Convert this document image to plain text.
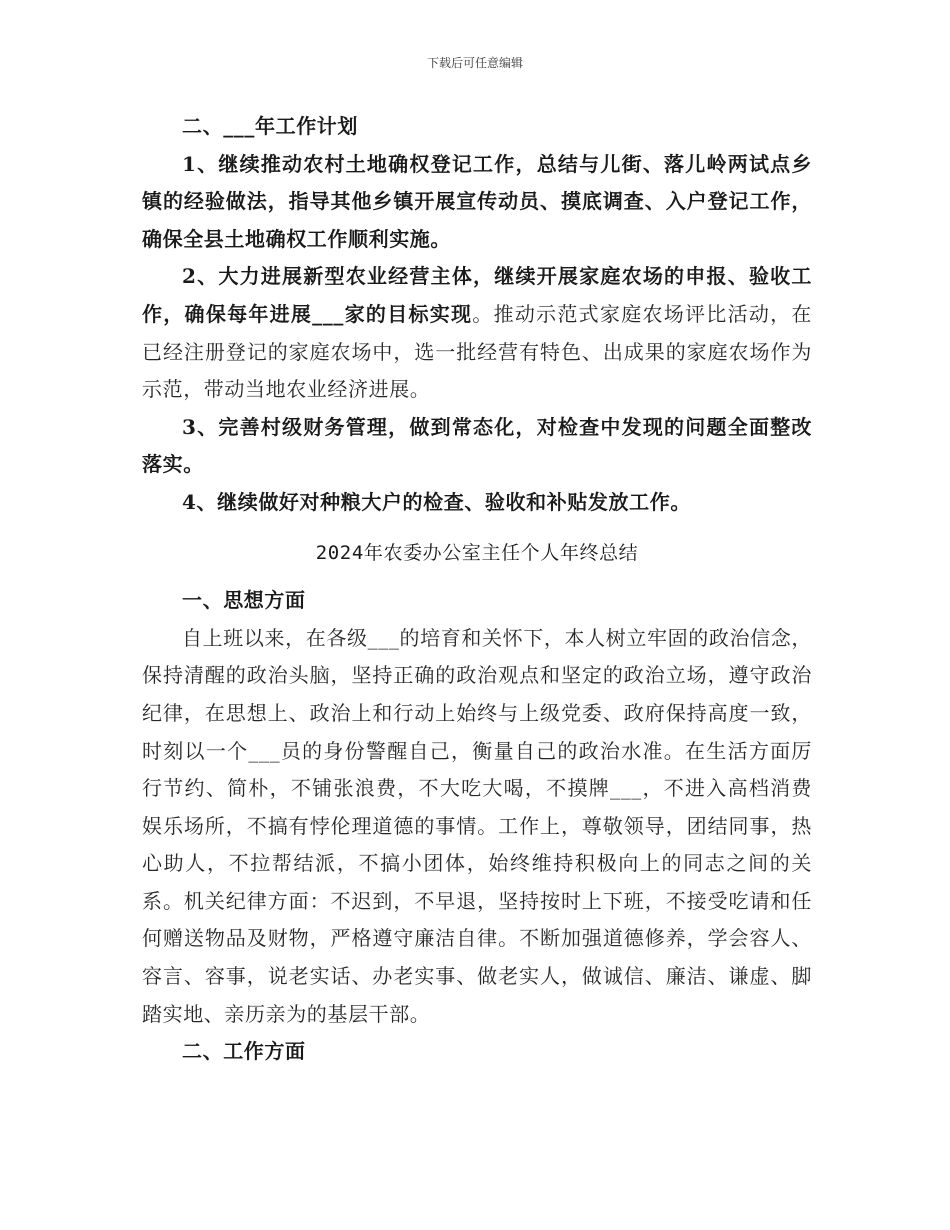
下载后可任意编辑

二、___年工作计划

1、继续推动农村土地确权登记工作，总结与儿街、落儿岭两试点乡镇的经验做法，指导其他乡镇开展宣传动员、摸底调查、入户登记工作，确保全县土地确权工作顺利实施。

2、大力进展新型农业经营主体，继续开展家庭农场的申报、验收工作，确保每年进展___家的目标实现。推动示范式家庭农场评比活动，在已经注册登记的家庭农场中，选一批经营有特色、出成果的家庭农场作为示范，带动当地农业经济进展。

3、完善村级财务管理，做到常态化，对检查中发现的问题全面整改落实。

4、继续做好对种粮大户的检查、验收和补贴发放工作。

2024年农委办公室主任个人年终总结

一、思想方面

自上班以来，在各级___的培育和关怀下，本人树立牢固的政治信念，保持清醒的政治头脑，坚持正确的政治观点和坚定的政治立场，遵守政治纪律，在思想上、政治上和行动上始终与上级党委、政府保持高度一致，时刻以一个___员的身份警醒自己，衡量自己的政治水准。在生活方面厉行节约、简朴，不铺张浪费，不大吃大喝，不摸牌___，不进入高档消费娱乐场所，不搞有悖伦理道德的事情。工作上，尊敬领导，团结同事，热心助人，不拉帮结派，不搞小团体，始终维持积极向上的同志之间的关系。机关纪律方面：不迟到，不早退，坚持按时上下班，不接受吃请和任何赠送物品及财物，严格遵守廉洁自律。不断加强道德修养，学会容人、容言、容事，说老实话、办老实事、做老实人，做诚信、廉洁、谦虚、脚踏实地、亲历亲为的基层干部。

二、工作方面
